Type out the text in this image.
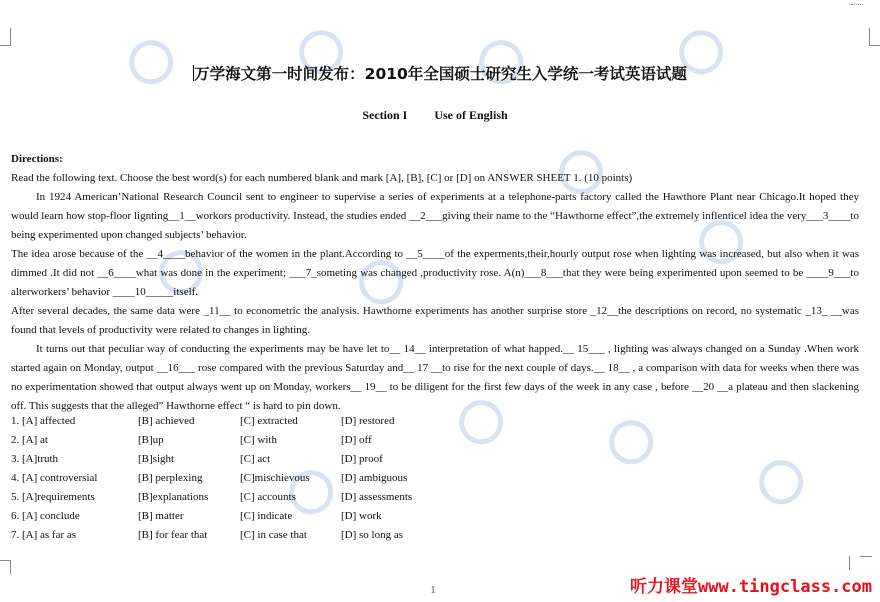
万学海文第一时间发布：2010年全国硕士研究生入学统一考试英语试题
Section I Use of English

Directions:

Read the following text. Choose the best word(s) for each numbered blank and mark [A], [B], [C] or [D] on ANSWER SHEET 1. (10 points)

In 1924 American’National Research Council sent to engineer to supervise a series of experiments at a telephone-parts factory called the Hawthore Plant near Chicago.It hoped they would learn how stop-floor lignting__1__workors productivity. Instead, the studies ended __2___giving their name to the “Hawthorne effect”,the extremely inflenticel idea the very___3____to being experimented upon changed subjects’ behavior.

The idea arose because of the __4____behavior of the women in the plant.According to __5____of the experments,their,hourly output rose when lighting was increased, but also when it was dimmed .It did not __6____what was done in the experiment; ___7_someting was changed ,productivity rose. A(n)___8___that they were being experimented upon seemed to be ____9___to alterworkers’ behavior ____10_____itself.

After several decades, the same data were _11__ to econometric the analysis. Hawthorne experiments has another surprise store _12__the descriptions on record, no systematic _13_ __was found that levels of productivity were related to changes in lighting.

It turns out that peculiar way of conducting the experiments may be have let to__ 14__ interpretation of what happed.__ 15___ , lighting was always changed on a Sunday .When work started again on Monday, output __16___ rose compared with the previous Saturday and__ 17 __to rise for the next couple of days.__ 18__ , a comparison with data for weeks when there was no experimentation showed that output always went up on Monday, workers__ 19__ to be diligent for the first few days of the week in any case , before __20 __a plateau and then slackening off. This suggests that the alleged” Hawthorne effect “ is hard to pin down.

1. [A] affected	[B] achieved	[C] extracted	[D] restored
2. [A] at	[B]up	[C] with	[D] off
3. [A]truth	[B]sight	[C] act	[D] proof
4. [A] controversial	[B] perplexing	[C]mischievous	[D] ambiguous
5. [A]requirements	[B]explanations	[C] accounts	[D] assessments
6. [A] conclude	[B] matter	[C] indicate	[D] work
7. [A] as far as	[B] for fear that	[C] in case that	[D] so long as
1	听力课堂www.tingclass.com
